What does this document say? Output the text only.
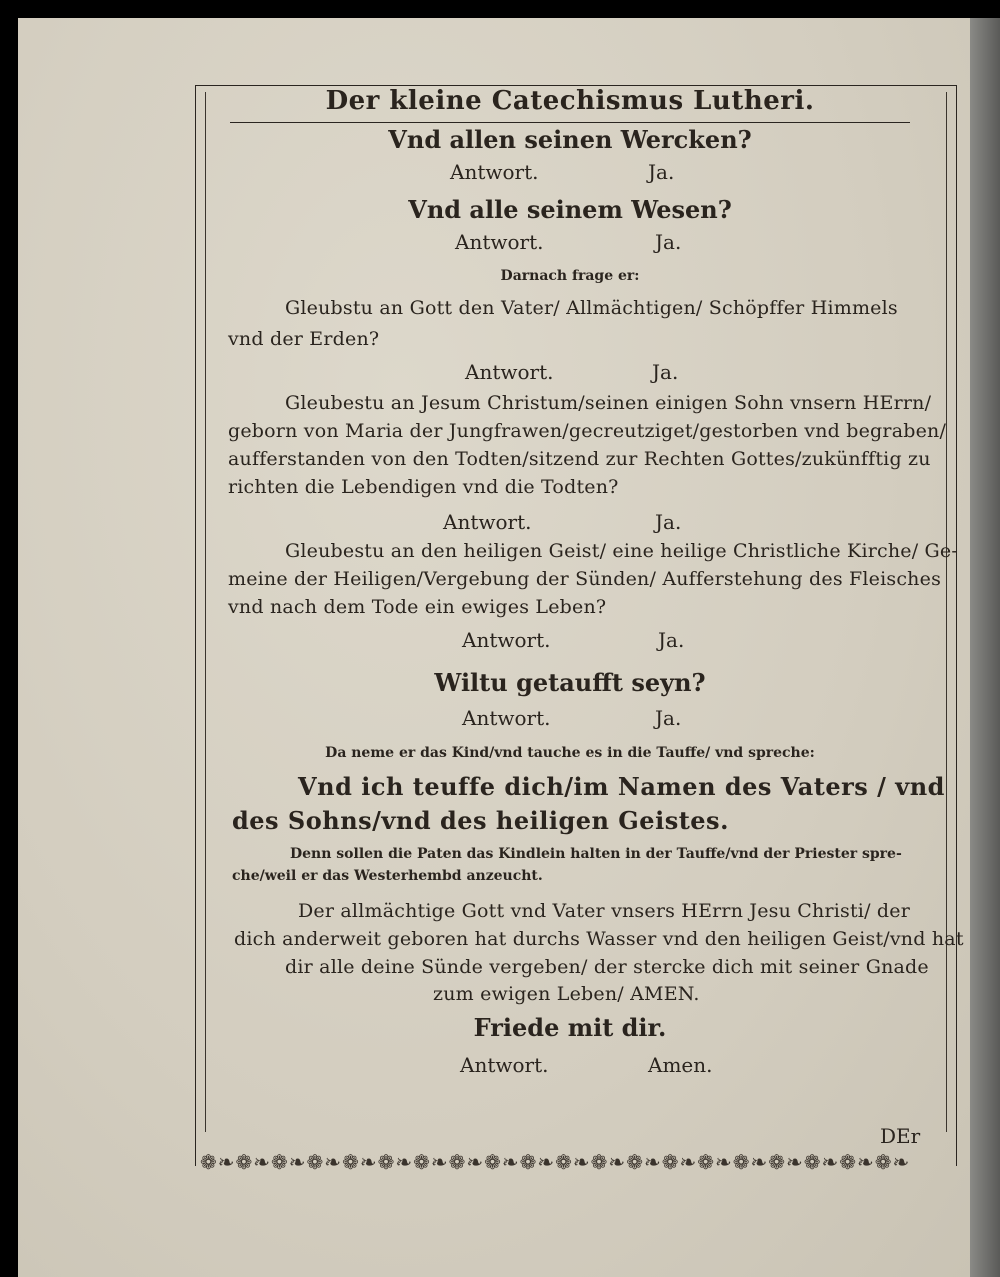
Der kleine Catechismus Lutheri.
Vnd allen seinen Wercken?
Antwort.	Ja.
Vnd alle seinem Wesen?
Antwort.	Ja.
Darnach frage er:
Gleubstu an Gott den Vater/ Allmächtigen/ Schöpffer Himmels
vnd der Erden?
Antwort.	Ja.
Gleubestu an Jesum Christum/seinen einigen Sohn vnsern HErrn/
geborn von Maria der Jungfrawen/gecreutziget/gestorben vnd begraben/
aufferstanden von den Todten/sitzend zur Rechten Gottes/zukünfftig zu
richten die Lebendigen vnd die Todten?
Antwort.	Ja.
Gleubestu an den heiligen Geist/ eine heilige Christliche Kirche/ Ge-
meine der Heiligen/Vergebung der Sünden/ Aufferstehung des Fleisches
vnd nach dem Tode ein ewiges Leben?
Antwort.	Ja.
Wiltu getaufft seyn?
Antwort.	Ja.
Da neme er das Kind/vnd tauche es in die Tauffe/ vnd spreche:
Vnd ich teuffe dich/im Namen des Vaters / vnd
des Sohns/vnd des heiligen Geistes.
Denn sollen die Paten das Kindlein halten in der Tauffe/vnd der Priester spre-
che/weil er das Westerhembd anzeucht.
Der allmächtige Gott vnd Vater vnsers HErrn Jesu Christi/ der
dich anderweit geboren hat durchs Wasser vnd den heiligen Geist/vnd hat
dir alle deine Sünde vergeben/ der stercke dich mit seiner Gnade
zum ewigen Leben/ AMEN.
Friede mit dir.
Antwort.	Amen.
DEr
❁❧❁❧❁❧❁❧❁❧❁❧❁❧❁❧❁❧❁❧❁❧❁❧❁❧❁❧❁❧❁❧❁❧❁❧❁❧❁❧
